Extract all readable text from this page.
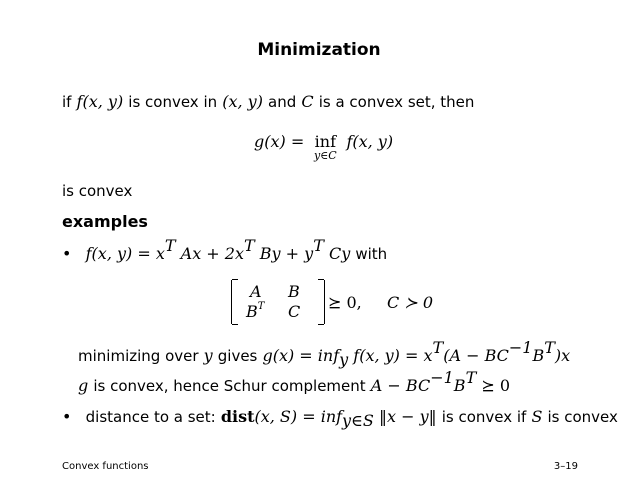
Minimization
if f(x, y) is convex in (x, y) and C is a convex set, then
g(x) = inf
y∈C
f(x, y)
is convex
examples
• f(x, $y) = x^T$ $Ax + 2x^T$ $By + y^T$ Cy with
A B
$B^T$ C ⪰ 0, C ≻ 0
minimizing over y gives g(x) = inf$_y$ f(x, $y) = x^T(A - BC^{-1}B^T)x$
g is convex, hence Schur complement $A - BC^{-1}B^T$ ⪰ 0
• distance to a set: dist(x, S) = inf$_{y\in S}$ ‖x − y‖ is convex if S is convex
Convex functions	3–19
